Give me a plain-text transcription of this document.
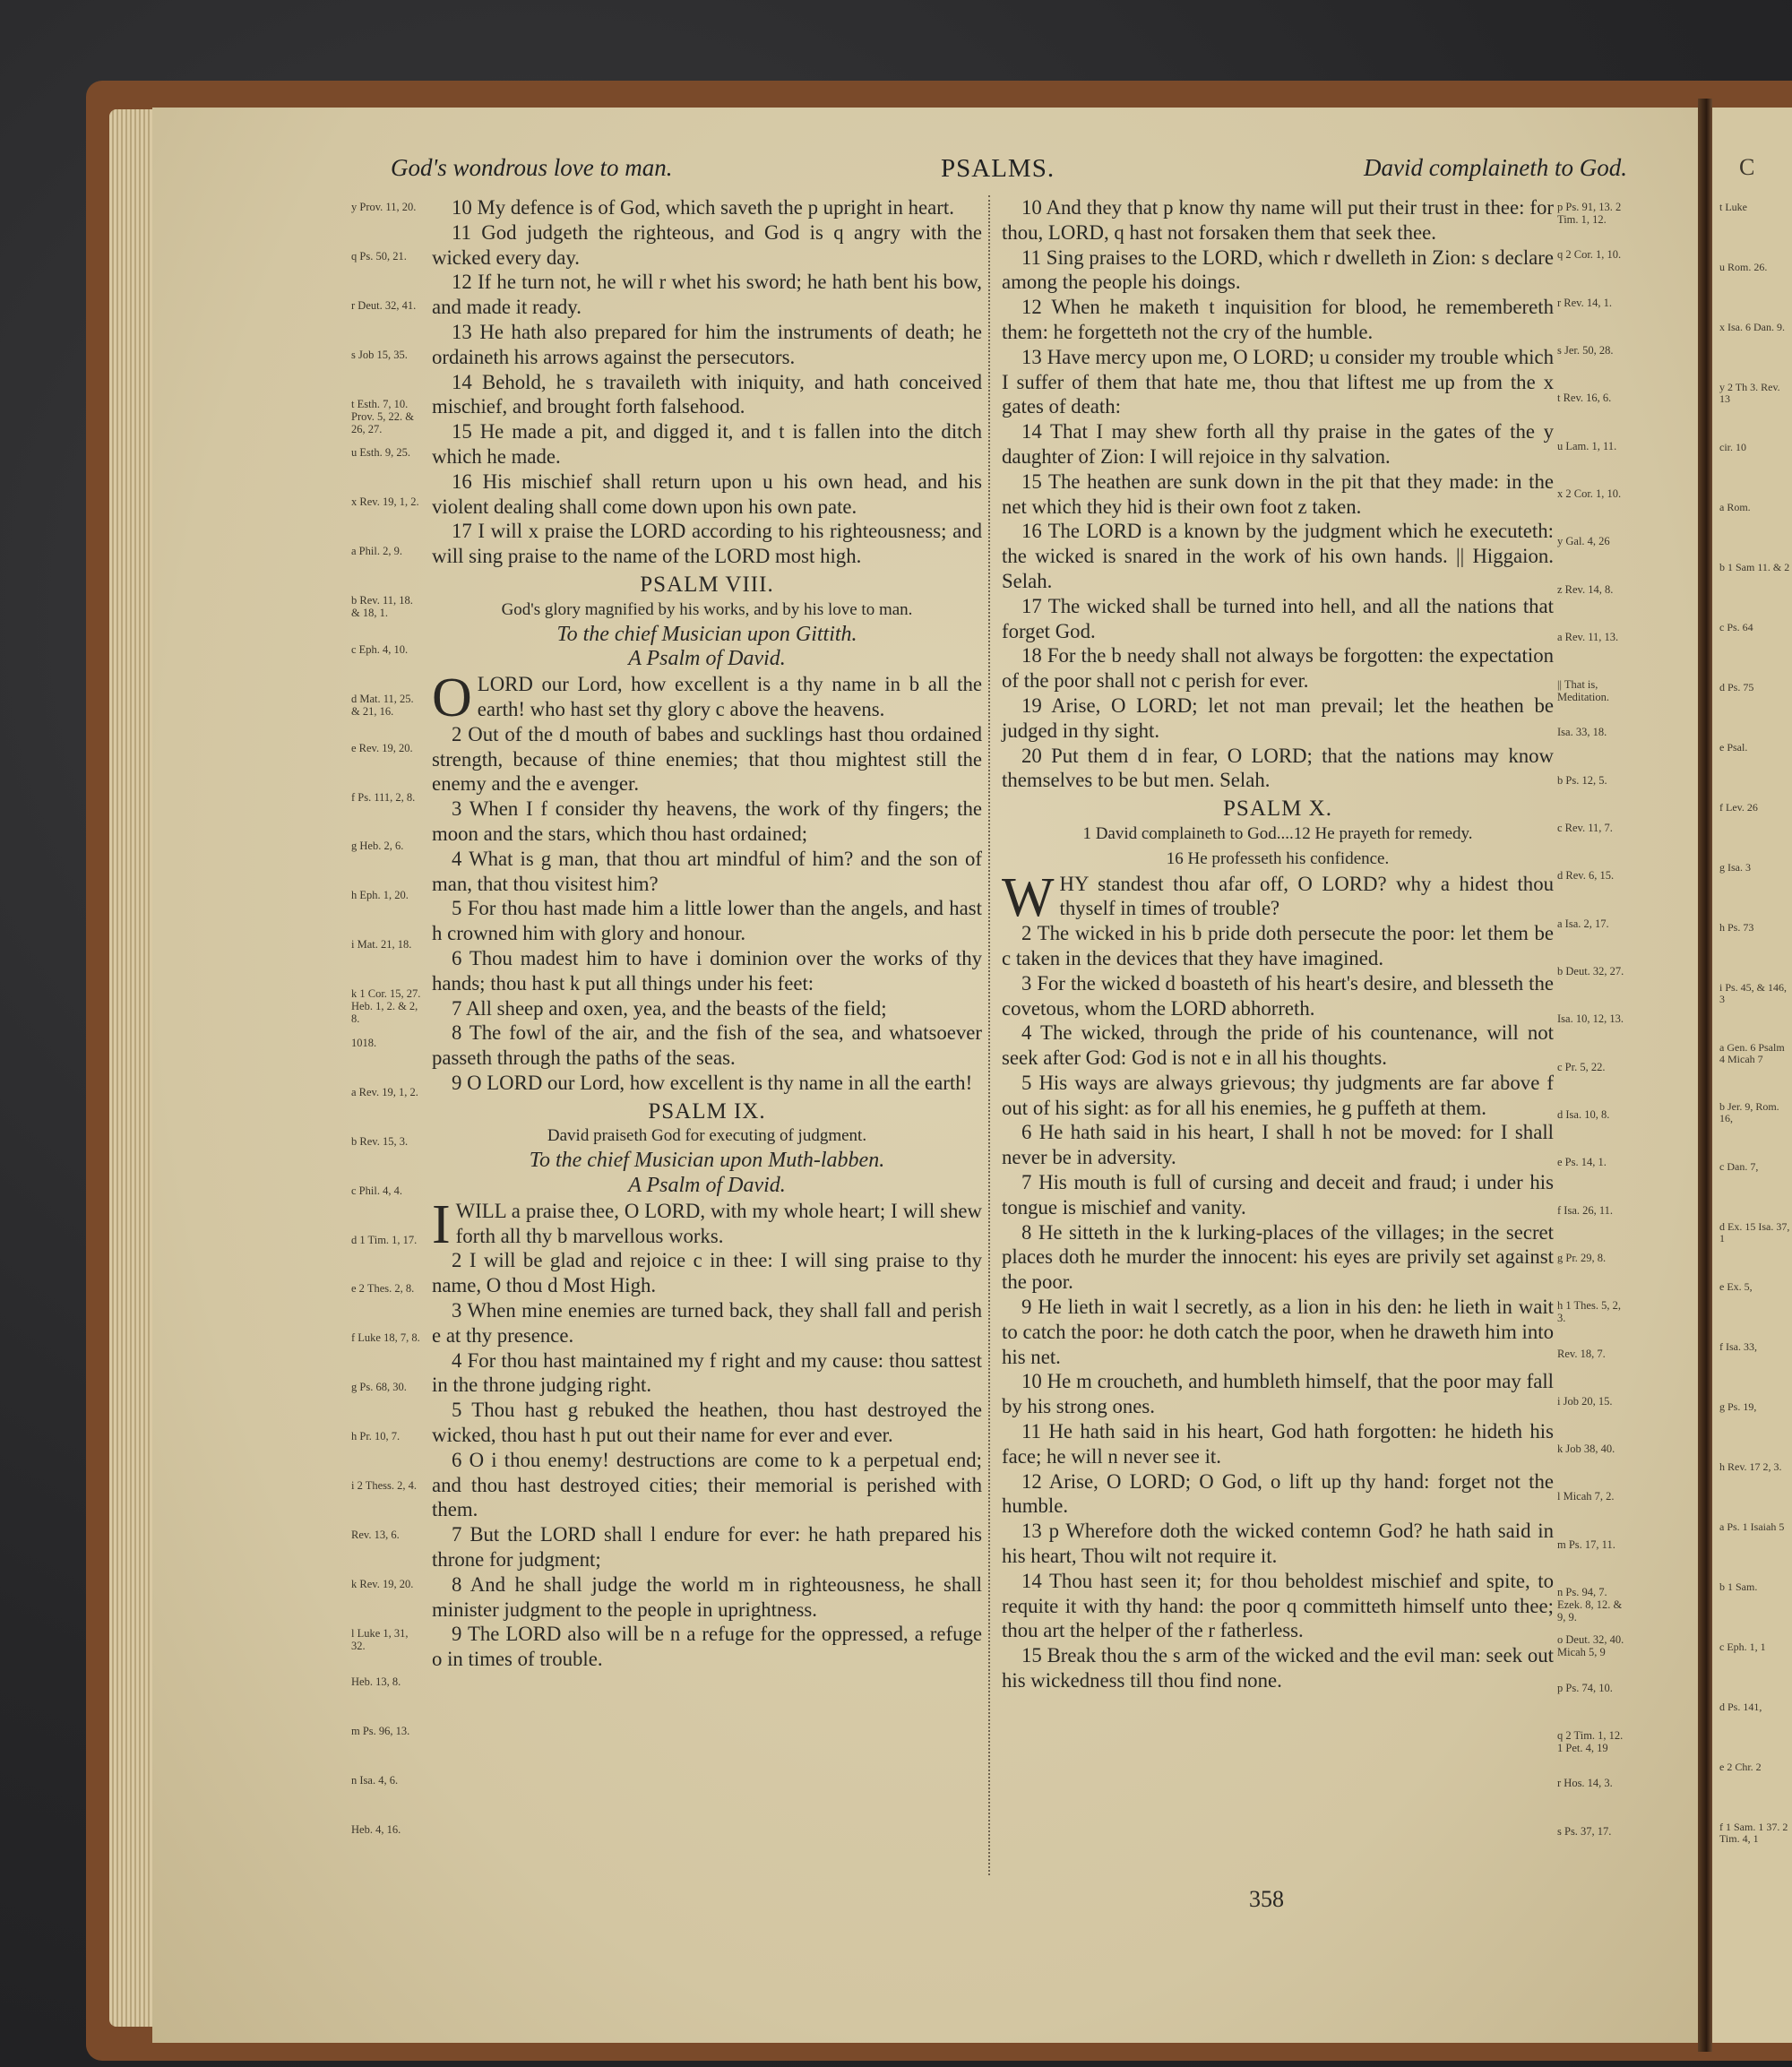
C
t Luke
u Rom. 26.
x Isa. 6 Dan. 9.
y 2 Th 3. Rev. 13
cir. 10
a Rom.
b 1 Sam 11. & 2
c Ps. 64
d Ps. 75
e Psal.
f Lev. 26
g Isa. 3
h Ps. 73
i Ps. 45, & 146, 3
a Gen. 6 Psalm 4 Micah 7
b Jer. 9, Rom. 16,
c Dan. 7,
d Ex. 15 Isa. 37, 1
e Ex. 5,
f Isa. 33,
g Ps. 19,
h Rev. 17 2, 3.
a Ps. 1 Isaiah 5
b 1 Sam.
c Eph. 1, 1
d Ps. 141,
e 2 Chr. 2
f 1 Sam. 1 37. 2 Tim. 4, 1
God's wondrous love to man.	PSALMS.	David complaineth to God.

10 My defence is of God, which saveth the p upright in heart.

11 God judgeth the righteous, and God is q angry with the wicked every day.

12 If he turn not, he will r whet his sword; he hath bent his bow, and made it ready.

13 He hath also prepared for him the instruments of death; he ordaineth his arrows against the persecutors.

14 Behold, he s travaileth with iniquity, and hath conceived mischief, and brought forth falsehood.

15 He made a pit, and digged it, and t is fallen into the ditch which he made.

16 His mischief shall return upon u his own head, and his violent dealing shall come down upon his own pate.

17 I will x praise the LORD according to his righteousness; and will sing praise to the name of the LORD most high.

PSALM VIII.

God's glory magnified by his works, and by his love to man.

To the chief Musician upon Gittith.

A Psalm of David.

OLORD our Lord, how excellent is a thy name in b all the earth! who hast set thy glory c above the heavens.

2 Out of the d mouth of babes and sucklings hast thou ordained strength, because of thine enemies; that thou mightest still the enemy and the e avenger.

3 When I f consider thy heavens, the work of thy fingers; the moon and the stars, which thou hast ordained;

4 What is g man, that thou art mindful of him? and the son of man, that thou visitest him?

5 For thou hast made him a little lower than the angels, and hast h crowned him with glory and honour.

6 Thou madest him to have i dominion over the works of thy hands; thou hast k put all things under his feet:

7 All sheep and oxen, yea, and the beasts of the field;

8 The fowl of the air, and the fish of the sea, and whatsoever passeth through the paths of the seas.

9 O LORD our Lord, how excellent is thy name in all the earth!

PSALM IX.

David praiseth God for executing of judgment.

To the chief Musician upon Muth-labben.

A Psalm of David.

IWILL a praise thee, O LORD, with my whole heart; I will shew forth all thy b marvellous works.

2 I will be glad and rejoice c in thee: I will sing praise to thy name, O thou d Most High.

3 When mine enemies are turned back, they shall fall and perish e at thy presence.

4 For thou hast maintained my f right and my cause: thou sattest in the throne judging right.

5 Thou hast g rebuked the heathen, thou hast destroyed the wicked, thou hast h put out their name for ever and ever.

6 O i thou enemy! destructions are come to k a perpetual end; and thou hast destroyed cities; their memorial is perished with them.

7 But the LORD shall l endure for ever: he hath prepared his throne for judgment;

8 And he shall judge the world m in righteousness, he shall minister judgment to the people in uprightness.

9 The LORD also will be n a refuge for the oppressed, a refuge o in times of trouble.

10 And they that p know thy name will put their trust in thee: for thou, LORD, q hast not forsaken them that seek thee.

11 Sing praises to the LORD, which r dwelleth in Zion: s declare among the people his doings.

12 When he maketh t inquisition for blood, he remembereth them: he forgetteth not the cry of the humble.

13 Have mercy upon me, O LORD; u consider my trouble which I suffer of them that hate me, thou that liftest me up from the x gates of death:

14 That I may shew forth all thy praise in the gates of the y daughter of Zion: I will rejoice in thy salvation.

15 The heathen are sunk down in the pit that they made: in the net which they hid is their own foot z taken.

16 The LORD is a known by the judgment which he executeth: the wicked is snared in the work of his own hands. || Higgaion. Selah.

17 The wicked shall be turned into hell, and all the nations that forget God.

18 For the b needy shall not always be forgotten: the expectation of the poor shall not c perish for ever.

19 Arise, O LORD; let not man prevail; let the heathen be judged in thy sight.

20 Put them d in fear, O LORD; that the nations may know themselves to be but men. Selah.

PSALM X.

1 David complaineth to God....12 He prayeth for remedy.

16 He professeth his confidence.

WHY standest thou afar off, O LORD? why a hidest thou thyself in times of trouble?

2 The wicked in his b pride doth persecute the poor: let them be c taken in the devices that they have imagined.

3 For the wicked d boasteth of his heart's desire, and blesseth the covetous, whom the LORD abhorreth.

4 The wicked, through the pride of his countenance, will not seek after God: God is not e in all his thoughts.

5 His ways are always grievous; thy judgments are far above f out of his sight: as for all his enemies, he g puffeth at them.

6 He hath said in his heart, I shall h not be moved: for I shall never be in adversity.

7 His mouth is full of cursing and deceit and fraud; i under his tongue is mischief and vanity.

8 He sitteth in the k lurking-places of the villages; in the secret places doth he murder the innocent: his eyes are privily set against the poor.

9 He lieth in wait l secretly, as a lion in his den: he lieth in wait to catch the poor: he doth catch the poor, when he draweth him into his net.

10 He m croucheth, and humbleth himself, that the poor may fall by his strong ones.

11 He hath said in his heart, God hath forgotten: he hideth his face; he will n never see it.

12 Arise, O LORD; O God, o lift up thy hand: forget not the humble.

13 p Wherefore doth the wicked contemn God? he hath said in his heart, Thou wilt not require it.

14 Thou hast seen it; for thou beholdest mischief and spite, to requite it with thy hand: the poor q committeth himself unto thee; thou art the helper of the r fatherless.

15 Break thou the s arm of the wicked and the evil man: seek out his wickedness till thou find none.

y Prov. 11, 20.
q Ps. 50, 21.
r Deut. 32, 41.
s Job 15, 35.
t Esth. 7, 10. Prov. 5, 22. & 26, 27.
u Esth. 9, 25.
x Rev. 19, 1, 2.
a Phil. 2, 9.
b Rev. 11, 18. & 18, 1.
c Eph. 4, 10.
d Mat. 11, 25. & 21, 16.
e Rev. 19, 20.
f Ps. 111, 2, 8.
g Heb. 2, 6.
h Eph. 1, 20.
i Mat. 21, 18.
k 1 Cor. 15, 27. Heb. 1, 2. & 2, 8.
1018.
a Rev. 19, 1, 2.
b Rev. 15, 3.
c Phil. 4, 4.
d 1 Tim. 1, 17.
e 2 Thes. 2, 8.
f Luke 18, 7, 8.
g Ps. 68, 30.
h Pr. 10, 7.
i 2 Thess. 2, 4.
Rev. 13, 6.
k Rev. 19, 20.
l Luke 1, 31, 32.
Heb. 13, 8.
m Ps. 96, 13.
n Isa. 4, 6.
Heb. 4, 16.
p Ps. 91, 13. 2 Tim. 1, 12.
q 2 Cor. 1, 10.
r Rev. 14, 1.
s Jer. 50, 28.
t Rev. 16, 6.
u Lam. 1, 11.
x 2 Cor. 1, 10.
y Gal. 4, 26
z Rev. 14, 8.
a Rev. 11, 13.
|| That is, Meditation.
Isa. 33, 18.
b Ps. 12, 5.
c Rev. 11, 7.
d Rev. 6, 15.
a Isa. 2, 17.
b Deut. 32, 27.
Isa. 10, 12, 13.
c Pr. 5, 22.
d Isa. 10, 8.
e Ps. 14, 1.
f Isa. 26, 11.
g Pr. 29, 8.
h 1 Thes. 5, 2, 3.
Rev. 18, 7.
i Job 20, 15.
k Job 38, 40.
l Micah 7, 2.
m Ps. 17, 11.
n Ps. 94, 7. Ezek. 8, 12. & 9, 9.
o Deut. 32, 40. Micah 5, 9
p Ps. 74, 10.
q 2 Tim. 1, 12. 1 Pet. 4, 19
r Hos. 14, 3.
s Ps. 37, 17.
358
